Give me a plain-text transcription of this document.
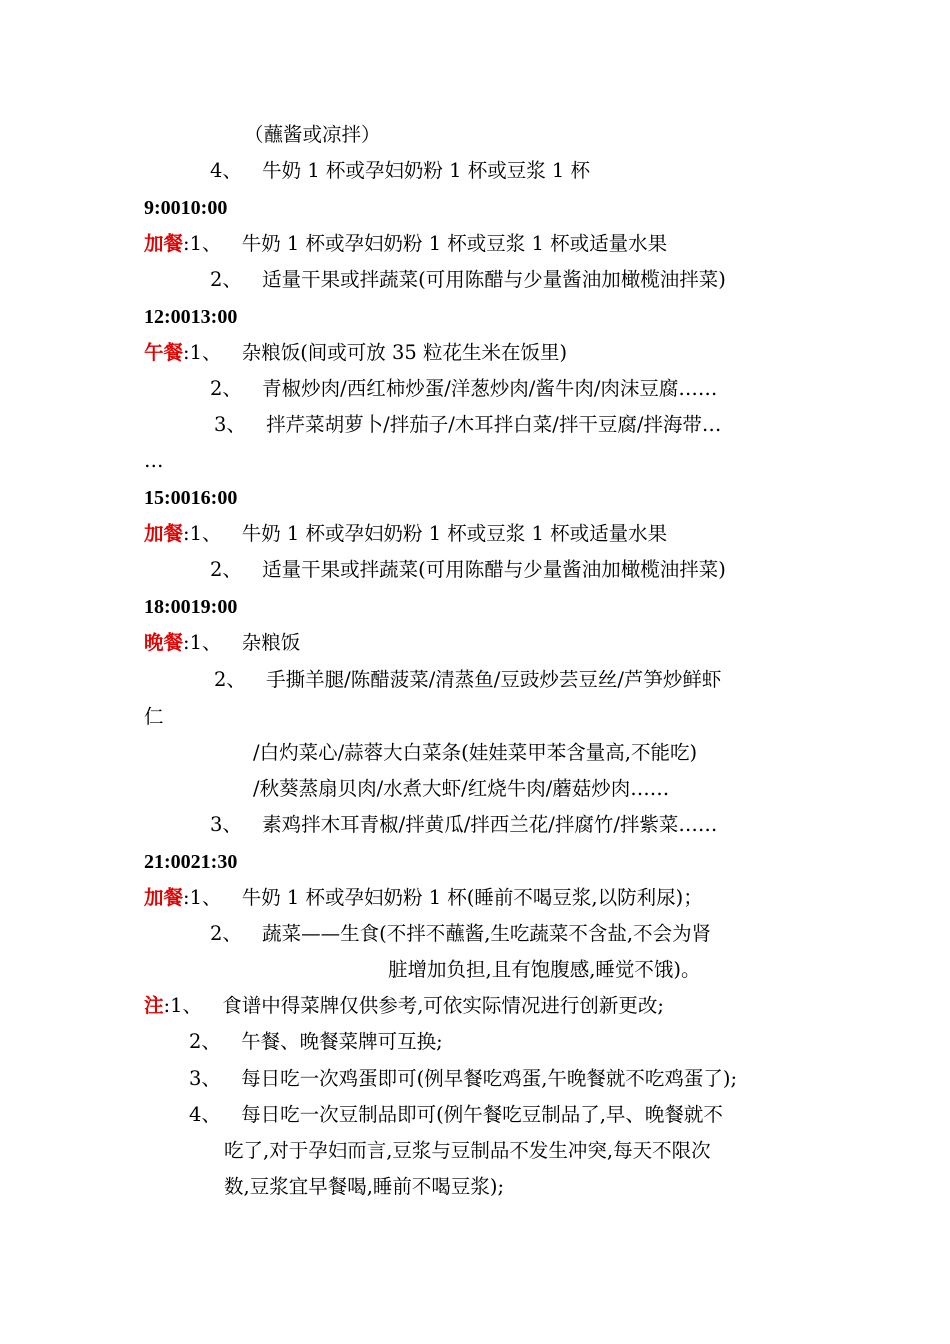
（蘸酱或凉拌）
4、 牛奶 1 杯或孕妇奶粉 1 杯或豆浆 1 杯
9:0010:00
加餐:1、 牛奶 1 杯或孕妇奶粉 1 杯或豆浆 1 杯或适量水果
2、 适量干果或拌蔬菜(可用陈醋与少量酱油加橄榄油拌菜)
12:0013:00
午餐:1、 杂粮饭(间或可放 35 粒花生米在饭里)
2、 青椒炒肉/西红柿炒蛋/洋葱炒肉/酱牛肉/肉沫豆腐……
3、 拌芹菜胡萝卜/拌茄子/木耳拌白菜/拌干豆腐/拌海带…
…
15:0016:00
加餐:1、 牛奶 1 杯或孕妇奶粉 1 杯或豆浆 1 杯或适量水果
2、 适量干果或拌蔬菜(可用陈醋与少量酱油加橄榄油拌菜)
18:0019:00
晚餐:1、 杂粮饭
2、 手撕羊腿/陈醋菠菜/清蒸鱼/豆豉炒芸豆丝/芦笋炒鲜虾
仁
/白灼菜心/蒜蓉大白菜条(娃娃菜甲苯含量高,不能吃)
/秋葵蒸扇贝肉/水煮大虾/红烧牛肉/蘑菇炒肉……
3、 素鸡拌木耳青椒/拌黄瓜/拌西兰花/拌腐竹/拌紫菜……
21:0021:30
加餐:1、 牛奶 1 杯或孕妇奶粉 1 杯(睡前不喝豆浆,以防利尿)；
2、 蔬菜——生食(不拌不蘸酱,生吃蔬菜不含盐,不会为肾
脏增加负担,且有饱腹感,睡觉不饿)。
注:1、 食谱中得菜牌仅供参考,可依实际情况进行创新更改;
2、 午餐、晚餐菜牌可互换;
3、 每日吃一次鸡蛋即可(例早餐吃鸡蛋,午晚餐就不吃鸡蛋了);
4、 每日吃一次豆制品即可(例午餐吃豆制品了,早、晚餐就不
吃了,对于孕妇而言,豆浆与豆制品不发生冲突,每天不限次
数,豆浆宜早餐喝,睡前不喝豆浆);
